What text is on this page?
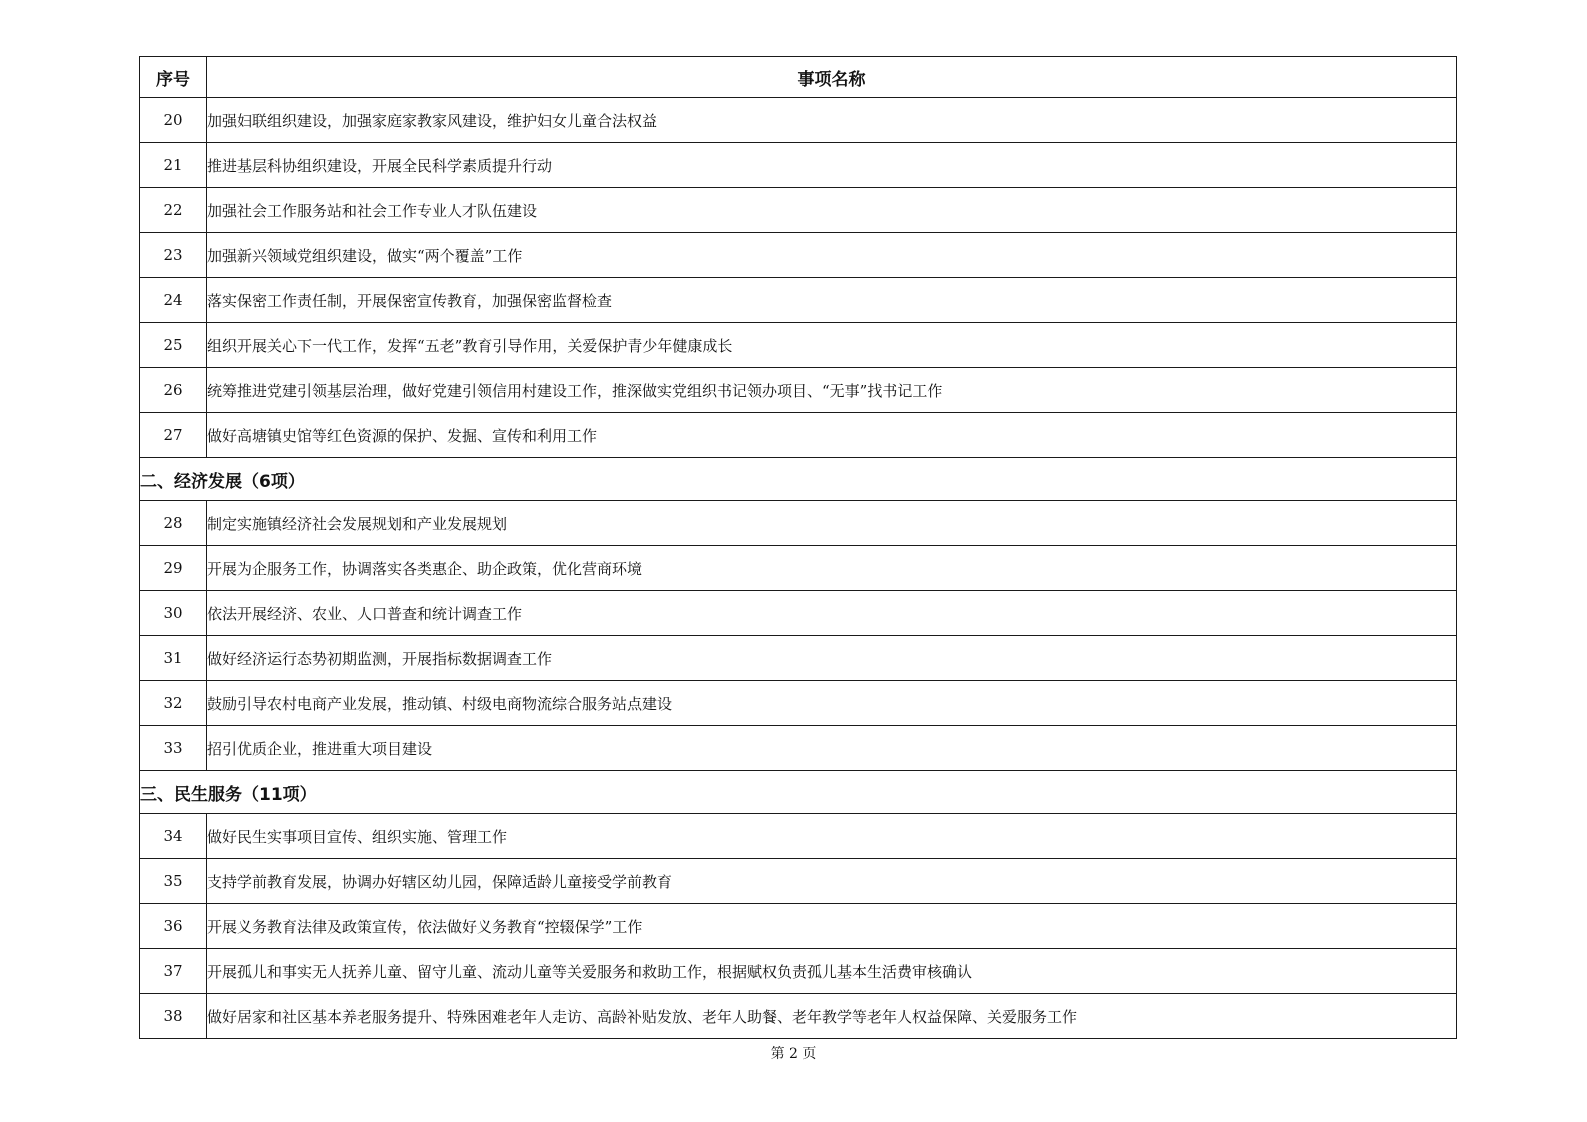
序号	事项名称
20	加强妇联组织建设，加强家庭家教家风建设，维护妇女儿童合法权益
21	推进基层科协组织建设，开展全民科学素质提升行动
22	加强社会工作服务站和社会工作专业人才队伍建设
23	加强新兴领域党组织建设，做实“两个覆盖”工作
24	落实保密工作责任制，开展保密宣传教育，加强保密监督检查
25	组织开展关心下一代工作，发挥“五老”教育引导作用，关爱保护青少年健康成长
26	统筹推进党建引领基层治理，做好党建引领信用村建设工作，推深做实党组织书记领办项目、“无事”找书记工作
27	做好高塘镇史馆等红色资源的保护、发掘、宣传和利用工作
二、经济发展（6项）	
28	制定实施镇经济社会发展规划和产业发展规划
29	开展为企服务工作，协调落实各类惠企、助企政策，优化营商环境
30	依法开展经济、农业、人口普查和统计调查工作
31	做好经济运行态势初期监测，开展指标数据调查工作
32	鼓励引导农村电商产业发展，推动镇、村级电商物流综合服务站点建设
33	招引优质企业，推进重大项目建设
三、民生服务（11项）	
34	做好民生实事项目宣传、组织实施、管理工作
35	支持学前教育发展，协调办好辖区幼儿园，保障适龄儿童接受学前教育
36	开展义务教育法律及政策宣传，依法做好义务教育“控辍保学”工作
37	开展孤儿和事实无人抚养儿童、留守儿童、流动儿童等关爱服务和救助工作，根据赋权负责孤儿基本生活费审核确认
38	做好居家和社区基本养老服务提升、特殊困难老年人走访、高龄补贴发放、老年人助餐、老年教学等老年人权益保障、关爱服务工作
第 2 页
